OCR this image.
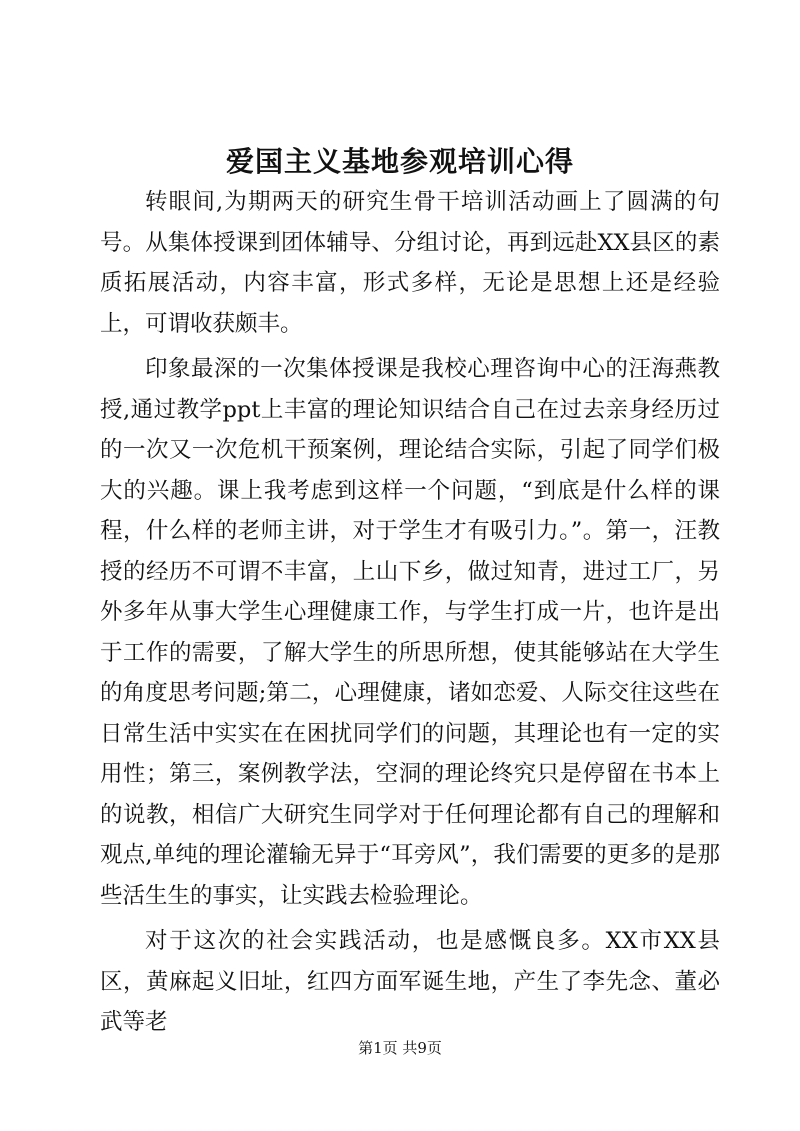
爱国主义基地参观培训心得

转眼间,为期两天的研究生骨干培训活动画上了圆满的句号。从集体授课到团体辅导、分组讨论，再到远赴XX县区的素质拓展活动，内容丰富，形式多样，无论是思想上还是经验上，可谓收获颇丰。

印象最深的一次集体授课是我校心理咨询中心的汪海燕教授,通过教学ppt上丰富的理论知识结合自己在过去亲身经历过的一次又一次危机干预案例，理论结合实际，引起了同学们极大的兴趣。课上我考虑到这样一个问题，“到底是什么样的课程，什么样的老师主讲，对于学生才有吸引力。”。第一，汪教授的经历不可谓不丰富，上山下乡，做过知青，进过工厂，另外多年从事大学生心理健康工作，与学生打成一片，也许是出于工作的需要，了解大学生的所思所想，使其能够站在大学生的角度思考问题;第二，心理健康，诸如恋爱、人际交往这些在日常生活中实实在在困扰同学们的问题，其理论也有一定的实用性；第三，案例教学法，空洞的理论终究只是停留在书本上的说教，相信广大研究生同学对于任何理论都有自己的理解和观点,单纯的理论灌输无异于“耳旁风”，我们需要的更多的是那些活生生的事实，让实践去检验理论。

对于这次的社会实践活动，也是感慨良多。XX市XX县区，黄麻起义旧址，红四方面军诞生地，产生了李先念、董必武等老

第1页 共9页
